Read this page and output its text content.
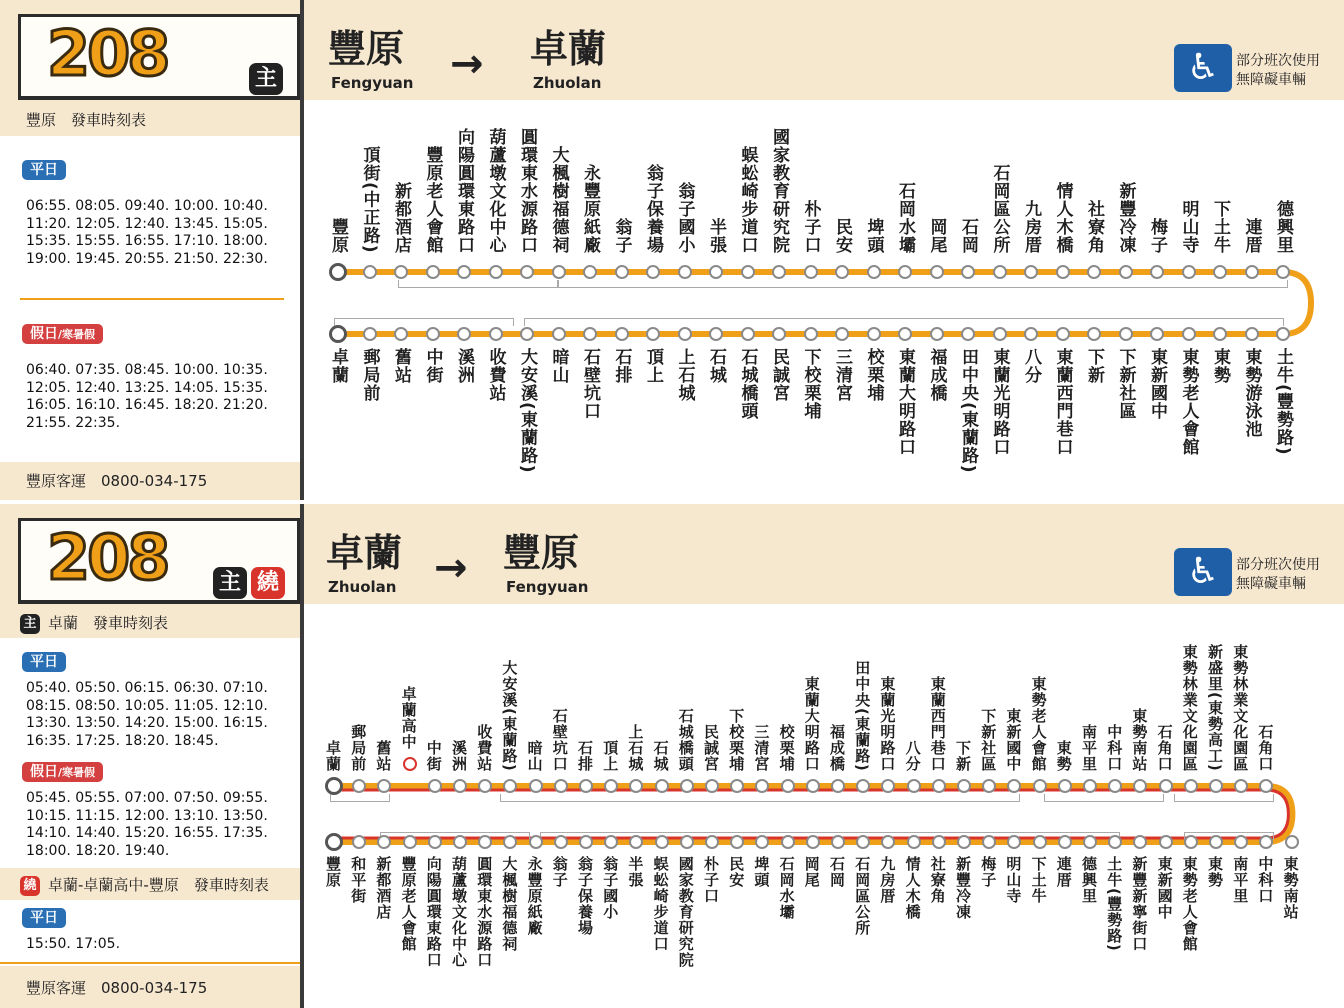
208	主
豐原
Fengyuan → 卓蘭
Zhuolan	♿	部分班次使用
無障礙車輛
豐原　發車時刻表
平日
06:55. 08:05. 09:40. 10:00. 10:40.
11:20. 12:05. 12:40. 13:45. 15:05.
15:35. 15:55. 16:55. 17:10. 18:00.
19:00. 19:45. 20:55. 21:50. 22:30.
假日/寒暑假
06:40. 07:35. 08:45. 10:00. 10:35.
12:05. 12:40. 13:25. 14:05. 15:35.
16:05. 16:10. 16:45. 18:20. 21:20.
21:55. 22:35.
豐原客運　0800-034-175
豐原 頂街(中正路) 新都酒店 豐原老人會館 向陽圓環東路口 葫蘆墩文化中心 圓環東水源路口 大楓樹福德祠 永豐原紙廠 翁子 翁子保養場 翁子國小 半張 蜈蚣崎步道口 國家教育研究院 朴子口 民安 埤頭 石岡水壩 岡尾 石岡 石岡區公所 九房厝 情人木橋 社寮角 新豐冷凍 梅子 明山寺 下土牛 連厝 德興里
卓蘭 郵局前 舊站 中街 溪洲 收費站 大安溪(東蘭路) 暗山 石壁坑口 石排 頂上 上石城 石城 石城橋頭 民誠宮 下校栗埔 三清宮 校栗埔 東蘭大明路口 福成橋 田中央(東蘭路) 東蘭光明路口 八分 東蘭西門巷口 下新 下新社區 東新國中 東勢老人會館 東勢 東勢游泳池 土牛(豐勢路)
208 主 繞
卓蘭
Zhuolan → 豐原
Fengyuan	♿	部分班次使用
無障礙車輛
主 卓蘭　發車時刻表
平日
05:40. 05:50. 06:15. 06:30. 07:10.
08:15. 08:50. 10:05. 11:05. 12:10.
13:30. 13:50. 14:20. 15:00. 16:15.
16:35. 17:25. 18:20. 18:45.
假日/寒暑假
05:45. 05:55. 07:00. 07:50. 09:55.
10:15. 11:15. 12:00. 13:10. 13:50.
14:10. 14:40. 15:20. 16:55. 17:35.
18:00. 18:20. 19:40.
繞 卓蘭-卓蘭高中-豐原　發車時刻表
平日
15:50. 17:05.
豐原客運　0800-034-175
卓蘭 郵局前 舊站
卓蘭高中
中街 溪洲 收費站 大安溪(東蘭路) 暗山 石壁坑口 石排 頂上 上石城 石城 石城橋頭 民誠宮 下校栗埔 三清宮 校栗埔 東蘭大明路口 福成橋 田中央(東蘭路) 東蘭光明路口 八分 東蘭西門巷口 下新 下新社區 東新國中 東勢老人會館 東勢 南平里 中科口 東勢南站 石角口 東勢林業文化園區 新盛里(東勢高工) 東勢林業文化園區 石角口
豐原 和平街 新都酒店 豐原老人會館 向陽圓環東路口 葫蘆墩文化中心 圓環東水源路口 大楓樹福德祠 永豐原紙廠 翁子 翁子保養場 翁子國小 半張 蜈蚣崎步道口 國家教育研究院 朴子口 民安 埤頭 石岡水壩 岡尾 石岡 石岡區公所 九房厝 情人木橋 社寮角 新豐冷凍 梅子 明山寺 下土牛 連厝 德興里 土牛(豐勢路) 新豐新寧街口 東新國中 東勢老人會館 東勢 南平里 中科口 東勢南站
